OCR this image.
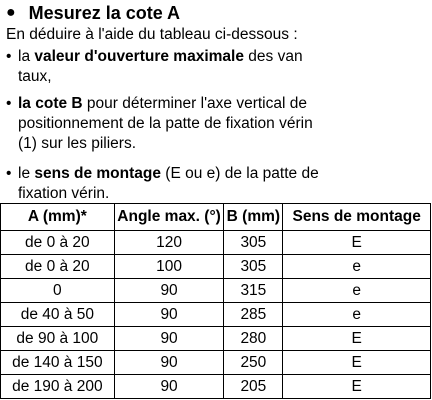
● Mesurez la cote A
En déduire à l'aide du tableau ci-dessous :
• la valeur d'ouverture maximale des van
taux,
• la cote B pour déterminer l'axe vertical de
positionnement de la patte de fixation vérin
(1) sur les piliers.
• le sens de montage (E ou e) de la patte de
fixation vérin.
A (mm)*	Angle max. (°)	B (mm)	Sens de montage
de 0 à 20	120	305	E
de 0 à 20	100	305	e
0	90	315	e
de 40 à 50	90	285	e
de 90 à 100	90	280	E
de 140 à 150	90	250	E
de 190 à 200	90	205	E
